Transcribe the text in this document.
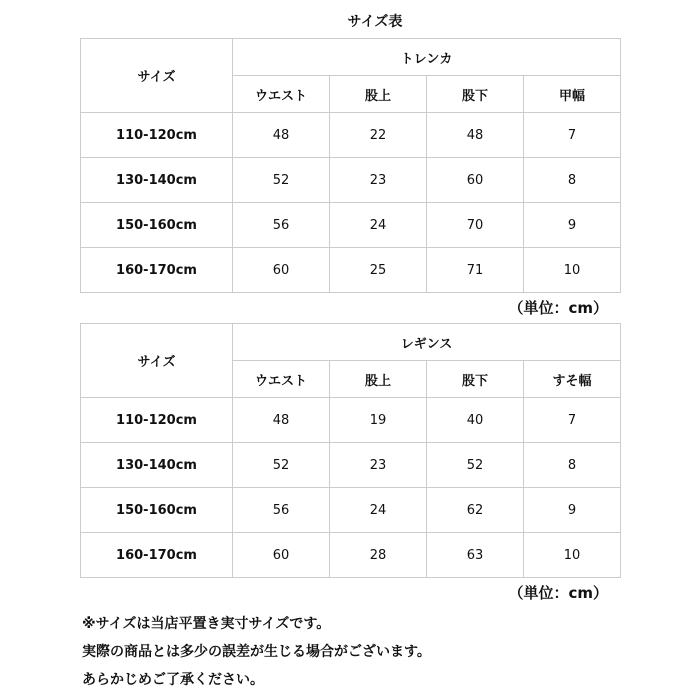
サイズ表
サイズ	トレンカ			
	ウエスト	股上	股下	甲幅
110-120cm	48	22	48	7
130-140cm	52	23	60	8
150-160cm	56	24	70	9
160-170cm	60	25	71	10
（単位：cm）
サイズ	レギンス			
	ウエスト	股上	股下	すそ幅
110-120cm	48	19	40	7
130-140cm	52	23	52	8
150-160cm	56	24	62	9
160-170cm	60	28	63	10
（単位：cm）

※サイズは当店平置き実寸サイズです。

実際の商品とは多少の誤差が生じる場合がございます。

あらかじめご了承ください。
